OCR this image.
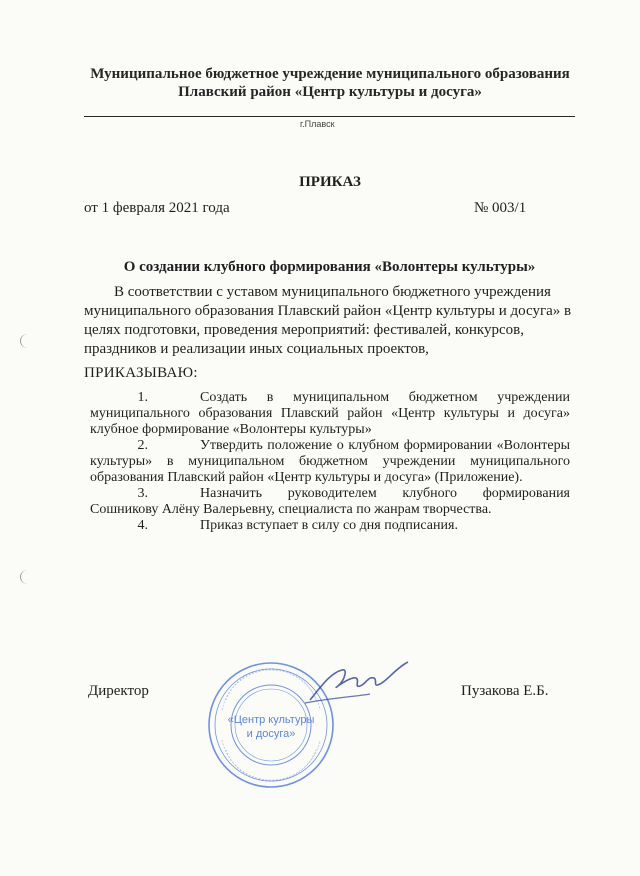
Муниципальное бюджетное учреждение муниципального образования
Плавский район «Центр культуры и досуга»
г.Плавск
ПРИКАЗ
от 1 февраля 2021 года	№ 003/1
О создании клубного формирования «Волонтеры культуры»
В соответствии с уставом муниципального бюджетного учреждения муниципального образования Плавский район «Центр культуры и досуга» в целях подготовки, проведения мероприятий: фестивалей, конкурсов, праздников и реализации иных социальных проектов,
ПРИКАЗЫВАЮ:

1.	Создать в муниципальном бюджетном учреждении муниципального образования Плавский район «Центр культуры и досуга» клубное формирование «Волонтеры культуры»

2.	Утвердить положение о клубном формировании «Волонтеры культуры» в муниципальном бюджетном учреждении муниципального образования Плавский район «Центр культуры и досуга» (Приложение).

3.	Назначить руководителем клубного формирования Сошникову Алёну Валерьевну, специалиста по жанрам творчества.

4.	Приказ вступает в силу со дня подписания.

Директор	Пузакова Е.Б.
«Центр культуры
и досуга»
